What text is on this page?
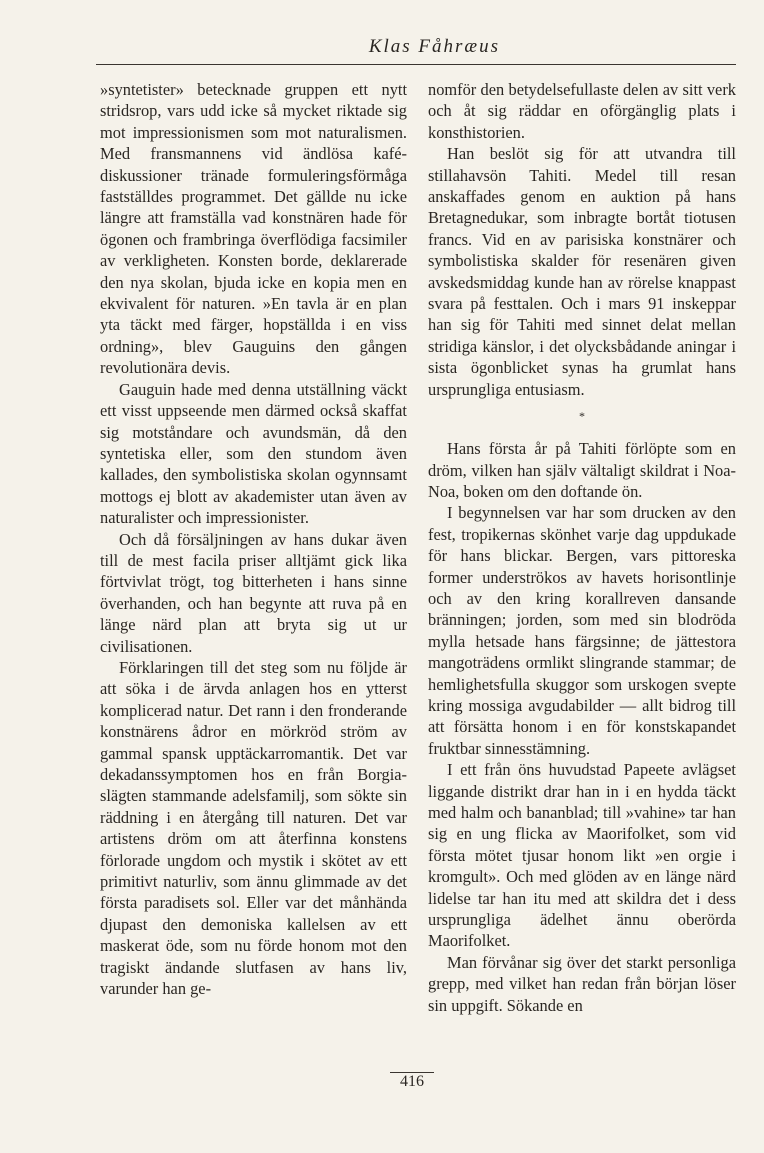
Klas Fåhræus

»syntetister» betecknade gruppen ett nytt stridsrop, vars udd icke så mycket riktade sig mot impressionismen som mot naturalismen. Med fransmannens vid ändlösa kafé-diskussioner tränade formuleringsförmåga fastställdes programmet. Det gällde nu icke längre att framställa vad konstnären hade för ögonen och frambringa överflödiga facsimiler av verkligheten. Konsten borde, deklarerade den nya skolan, bjuda icke en kopia men en ekvivalent för naturen. »En tavla är en plan yta täckt med färger, hopställda i en viss ordning», blev Gauguins den gången revolutionära devis.

Gauguin hade med denna utställning väckt ett visst uppseende men därmed också skaffat sig motståndare och avundsmän, då den syntetiska eller, som den stundom även kallades, den symbolistiska skolan ogynnsamt mottogs ej blott av akademister utan även av naturalister och impressionister.

Och då försäljningen av hans dukar även till de mest facila priser alltjämt gick lika förtvivlat trögt, tog bitterheten i hans sinne överhanden, och han begynte att ruva på en länge närd plan att bryta sig ut ur civilisationen.

Förklaringen till det steg som nu följde är att söka i de ärvda anlagen hos en ytterst komplicerad natur. Det rann i den fronderande konstnärens ådror en mörkröd ström av gammal spansk upptäckarromantik. Det var dekadanssymptomen hos en från Borgia-slägten stammande adelsfamilj, som sökte sin räddning i en återgång till naturen. Det var artistens dröm om att återfinna konstens förlorade ungdom och mystik i skötet av ett primitivt naturliv, som ännu glimmade av det första paradisets sol. Eller var det månhända djupast den demoniska kallelsen av ett maskerat öde, som nu förde honom mot den tragiskt ändande slutfasen av hans liv, varunder han ge-

nomför den betydelsefullaste delen av sitt verk och åt sig räddar en oförgänglig plats i konsthistorien.

Han beslöt sig för att utvandra till stillahavsön Tahiti. Medel till resan anskaffades genom en auktion på hans Bretagnedukar, som inbragte bortåt tiotusen francs. Vid en av parisiska konstnärer och symbolistiska skalder för resenären given avskedsmiddag kunde han av rörelse knappast svara på festtalen. Och i mars 91 inskeppar han sig för Tahiti med sinnet delat mellan stridiga känslor, i det olycksbådande aningar i sista ögonblicket synas ha grumlat hans ursprungliga entusiasm.

*

Hans första år på Tahiti förlöpte som en dröm, vilken han själv vältaligt skildrat i Noa-Noa, boken om den doftande ön.

I begynnelsen var har som drucken av den fest, tropikernas skönhet varje dag uppdukade för hans blickar. Bergen, vars pittoreska former underströkos av havets horisontlinje och av den kring korallreven dansande bränningen; jorden, som med sin blodröda mylla hetsade hans färgsinne; de jättestora mangoträdens ormlikt slingrande stammar; de hemlighetsfulla skuggor som urskogen svepte kring mossiga avgudabilder — allt bidrog till att försätta honom i en för konstskapandet fruktbar sinnesstämning.

I ett från öns huvudstad Papeete avlägset liggande distrikt drar han in i en hydda täckt med halm och bananblad; till »vahine» tar han sig en ung flicka av Maorifolket, som vid första mötet tjusar honom likt »en orgie i kromgult». Och med glöden av en länge närd lidelse tar han itu med att skildra det i dess ursprungliga ädelhet ännu oberörda Maorifolket.

Man förvånar sig över det starkt personliga grepp, med vilket han redan från början löser sin uppgift. Sökande en

416
